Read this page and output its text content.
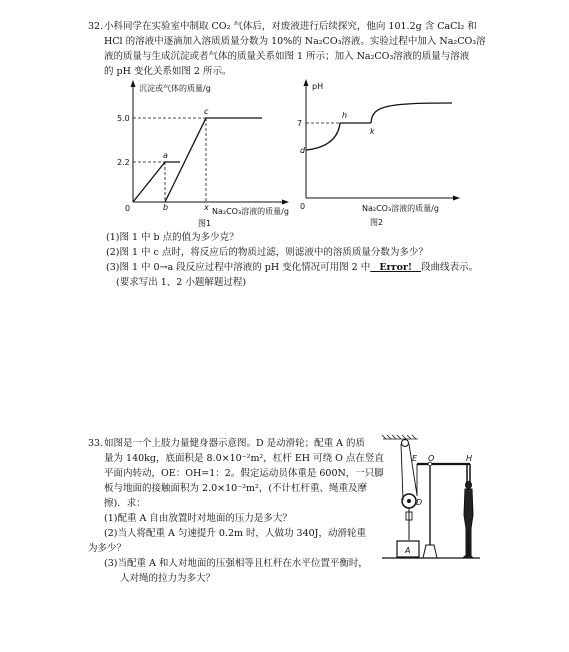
32. 小科同学在实验室中制取 CO₂ 气体后，对废液进行后续探究，他向 101.2g 含 CaCl₂ 和
HCl 的溶液中逐滴加入溶质质量分数为 10%的 Na₂CO₃溶液。实验过程中加入 Na₂CO₃溶
液的质量与生成沉淀或者气体的质量关系如图 1 所示；加入 Na₂CO₃溶液的质量与溶液
的 pH 变化关系如图 2 所示。
沉淀或气体的质量/g
5.0
2.2
0
a
c
b	x Na₂CO₃溶液的质量/g
图1
pH
7
0
d
h
k
Na₂CO₃溶液的质量/g
图2
(1)图 1 中 b 点的值为多少克？
(2)图 1 中 c 点时，将反应后的物质过滤，则滤液中的溶质质量分数为多少？
(3)图 1 中 0→a 段反应过程中溶液的 pH 变化情况可用图 2 中 Error! 段曲线表示。
(要求写出 1、2 小题解题过程)
33. 如图是一个上肢力量健身器示意图。D 是动滑轮；配重 A 的质
量为 140kg，底面积是 8.0×10⁻²m²，杠杆 EH 可绕 O 点在竖直
平面内转动，OE：OH=1：2。假定运动员体重是 600N，一只脚
板与地面的接触面积为 2.0×10⁻²m²，(不计杠杆重、绳重及摩
擦)．求：
(1)配重 A 自由放置时对地面的压力是多大？
(2)当人将配重 A 匀速提升 0.2m 时，人做功 340J，动滑轮重
为多少？
(3)当配重 A 和人对地面的压强相等且杠杆在水平位置平衡时，
人对绳的拉力为多大？
D
A
E O	H
